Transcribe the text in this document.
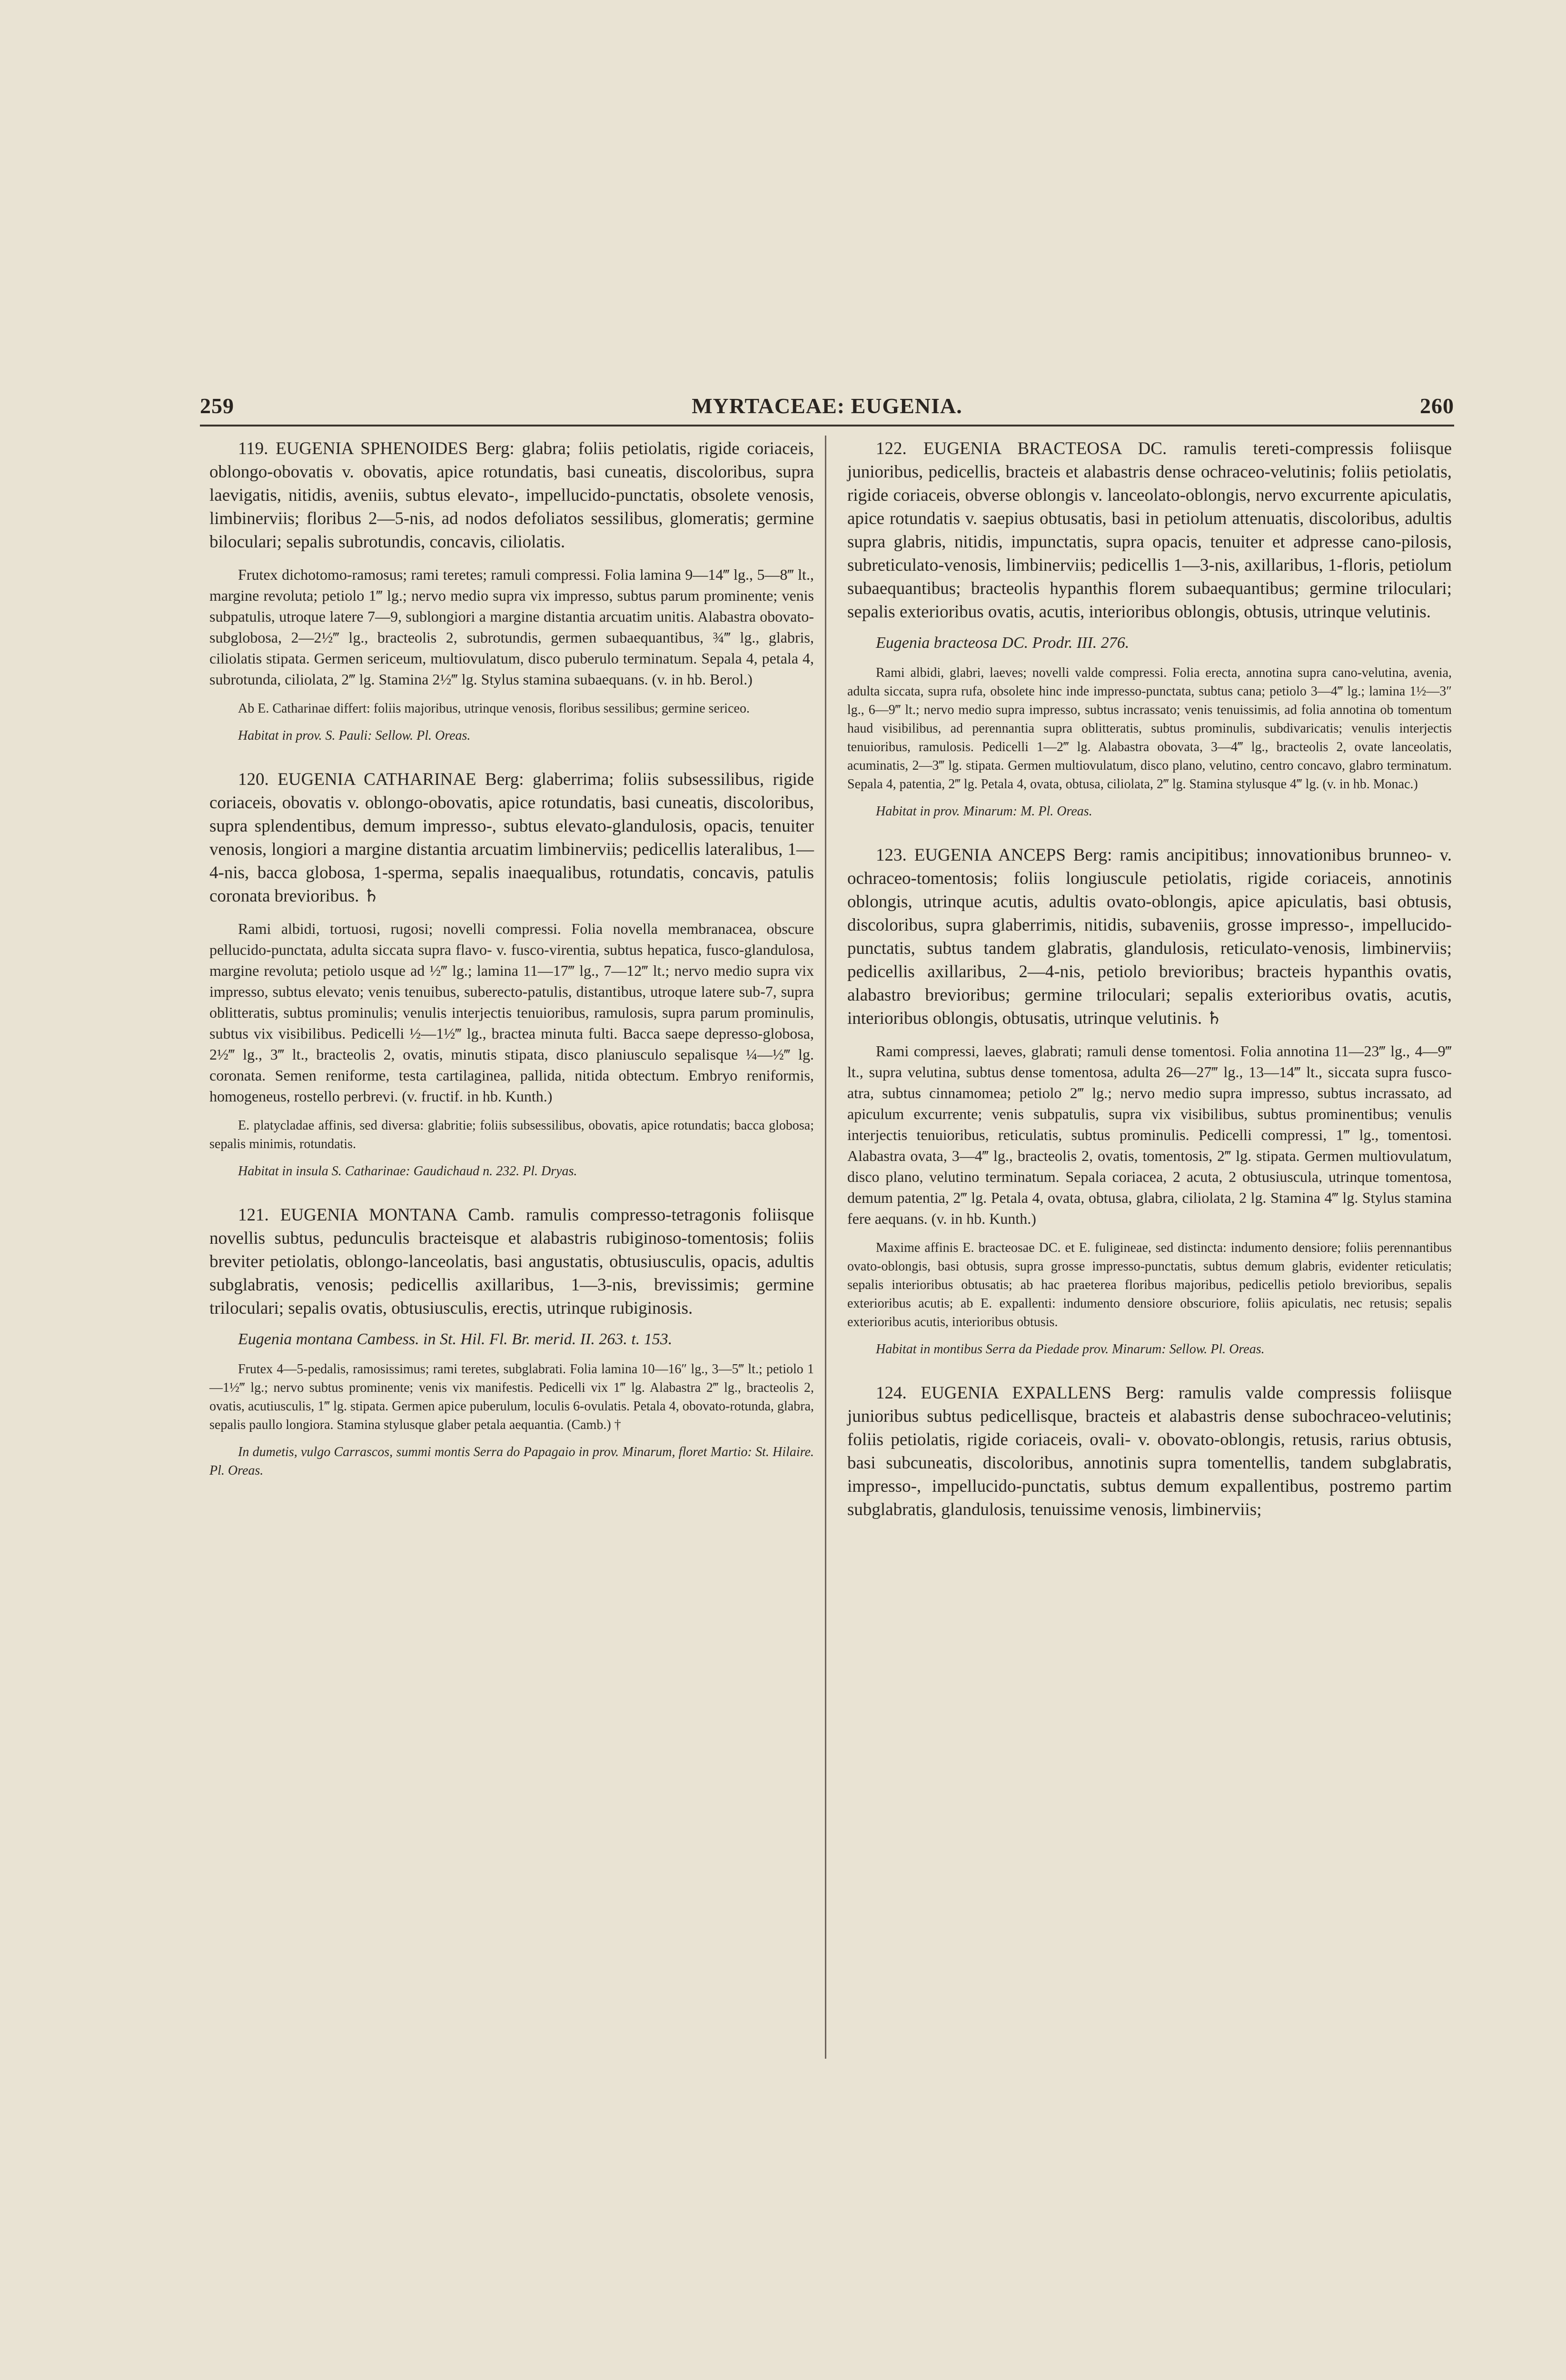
259	MYRTACEAE: EUGENIA.	260

119. EUGENIA SPHENOIDES Berg: glabra; foliis petiolatis, rigide coriaceis, oblongo-obovatis v. obovatis, apice rotundatis, basi cuneatis, discoloribus, supra laevigatis, nitidis, aveniis, subtus elevato-, impellucido-punctatis, obsolete venosis, limbinerviis; floribus 2—5-nis, ad nodos defoliatos sessilibus, glomeratis; germine biloculari; sepalis subrotundis, concavis, ciliolatis.

Frutex dichotomo-ramosus; rami teretes; ramuli compressi. Folia lamina 9—14‴ lg., 5—8‴ lt., margine revoluta; petiolo 1‴ lg.; nervo medio supra vix impresso, subtus parum prominente; venis subpatulis, utroque latere 7—9, sublongiori a margine distantia arcuatim unitis. Alabastra obovato-subglobosa, 2—2½‴ lg., bracteolis 2, subrotundis, germen subaequantibus, ¾‴ lg., glabris, ciliolatis stipata. Germen sericeum, multiovulatum, disco puberulo terminatum. Sepala 4, petala 4, subrotunda, ciliolata, 2‴ lg. Stamina 2½‴ lg. Stylus stamina subaequans. (v. in hb. Berol.)

Ab E. Catharinae differt: foliis majoribus, utrinque venosis, floribus sessilibus; germine sericeo.

Habitat in prov. S. Pauli: Sellow. Pl. Oreas.

120. EUGENIA CATHARINAE Berg: glaberrima; foliis subsessilibus, rigide coriaceis, obovatis v. oblongo-obovatis, apice rotundatis, basi cuneatis, discoloribus, supra splendentibus, demum impresso-, subtus elevato-glandulosis, opacis, tenuiter venosis, longiori a margine distantia arcuatim limbinerviis; pedicellis lateralibus, 1—4-nis, bacca globosa, 1-sperma, sepalis inaequalibus, rotundatis, concavis, patulis coronata brevioribus. ♄

Rami albidi, tortuosi, rugosi; novelli compressi. Folia novella membranacea, obscure pellucido-punctata, adulta siccata supra flavo- v. fusco-virentia, subtus hepatica, fusco-glandulosa, margine revoluta; petiolo usque ad ½‴ lg.; lamina 11—17‴ lg., 7—12‴ lt.; nervo medio supra vix impresso, subtus elevato; venis tenuibus, suberecto-patulis, distantibus, utroque latere sub-7, supra oblitteratis, subtus prominulis; venulis interjectis tenuioribus, ramulosis, supra parum prominulis, subtus vix visibilibus. Pedicelli ½—1½‴ lg., bractea minuta fulti. Bacca saepe depresso-globosa, 2½‴ lg., 3‴ lt., bracteolis 2, ovatis, minutis stipata, disco planiusculo sepalisque ¼—½‴ lg. coronata. Semen reniforme, testa cartilaginea, pallida, nitida obtectum. Embryo reniformis, homogeneus, rostello perbrevi. (v. fructif. in hb. Kunth.)

E. platycladae affinis, sed diversa: glabritie; foliis subsessilibus, obovatis, apice rotundatis; bacca globosa; sepalis minimis, rotundatis.

Habitat in insula S. Catharinae: Gaudichaud n. 232. Pl. Dryas.

121. EUGENIA MONTANA Camb. ramulis compresso-tetragonis foliisque novellis subtus, pedunculis bracteisque et alabastris rubiginoso-tomentosis; foliis breviter petiolatis, oblongo-lanceolatis, basi angustatis, obtusiusculis, opacis, adultis subglabratis, venosis; pedicellis axillaribus, 1—3-nis, brevissimis; germine triloculari; sepalis ovatis, obtusiusculis, erectis, utrinque rubiginosis.

Eugenia montana Cambess. in St. Hil. Fl. Br. merid. II. 263. t. 153.

Frutex 4—5-pedalis, ramosissimus; rami teretes, subglabrati. Folia lamina 10—16″ lg., 3—5‴ lt.; petiolo 1—1½‴ lg.; nervo subtus prominente; venis vix manifestis. Pedicelli vix 1‴ lg. Alabastra 2‴ lg., bracteolis 2, ovatis, acutiusculis, 1‴ lg. stipata. Germen apice puberulum, loculis 6-ovulatis. Petala 4, obovato-rotunda, glabra, sepalis paullo longiora. Stamina stylusque glaber petala aequantia. (Camb.) †

In dumetis, vulgo Carrascos, summi montis Serra do Papagaio in prov. Minarum, floret Martio: St. Hilaire. Pl. Oreas.

122. EUGENIA BRACTEOSA DC. ramulis tereti-compressis foliisque junioribus, pedicellis, bracteis et alabastris dense ochraceo-velutinis; foliis petiolatis, rigide coriaceis, obverse oblongis v. lanceolato-oblongis, nervo excurrente apiculatis, apice rotundatis v. saepius obtusatis, basi in petiolum attenuatis, discoloribus, adultis supra glabris, nitidis, impunctatis, supra opacis, tenuiter et adpresse cano-pilosis, subreticulato-venosis, limbinerviis; pedicellis 1—3-nis, axillaribus, 1-floris, petiolum subaequantibus; bracteolis hypanthis florem subaequantibus; germine triloculari; sepalis exterioribus ovatis, acutis, interioribus oblongis, obtusis, utrinque velutinis.

Eugenia bracteosa DC. Prodr. III. 276.

Rami albidi, glabri, laeves; novelli valde compressi. Folia erecta, annotina supra cano-velutina, avenia, adulta siccata, supra rufa, obsolete hinc inde impresso-punctata, subtus cana; petiolo 3—4‴ lg.; lamina 1½—3″ lg., 6—9‴ lt.; nervo medio supra impresso, subtus incrassato; venis tenuissimis, ad folia annotina ob tomentum haud visibilibus, ad perennantia supra oblitteratis, subtus prominulis, subdivaricatis; venulis interjectis tenuioribus, ramulosis. Pedicelli 1—2‴ lg. Alabastra obovata, 3—4‴ lg., bracteolis 2, ovate lanceolatis, acuminatis, 2—3‴ lg. stipata. Germen multiovulatum, disco plano, velutino, centro concavo, glabro terminatum. Sepala 4, patentia, 2‴ lg. Petala 4, ovata, obtusa, ciliolata, 2‴ lg. Stamina stylusque 4‴ lg. (v. in hb. Monac.)

Habitat in prov. Minarum: M. Pl. Oreas.

123. EUGENIA ANCEPS Berg: ramis ancipitibus; innovationibus brunneo- v. ochraceo-tomentosis; foliis longiuscule petiolatis, rigide coriaceis, annotinis oblongis, utrinque acutis, adultis ovato-oblongis, apice apiculatis, basi obtusis, discoloribus, supra glaberrimis, nitidis, subaveniis, grosse impresso-, impellucido-punctatis, subtus tandem glabratis, glandulosis, reticulato-venosis, limbinerviis; pedicellis axillaribus, 2—4-nis, petiolo brevioribus; bracteis hypanthis ovatis, alabastro brevioribus; germine triloculari; sepalis exterioribus ovatis, acutis, interioribus oblongis, obtusatis, utrinque velutinis. ♄

Rami compressi, laeves, glabrati; ramuli dense tomentosi. Folia annotina 11—23‴ lg., 4—9‴ lt., supra velutina, subtus dense tomentosa, adulta 26—27‴ lg., 13—14‴ lt., siccata supra fusco-atra, subtus cinnamomea; petiolo 2‴ lg.; nervo medio supra impresso, subtus incrassato, ad apiculum excurrente; venis subpatulis, supra vix visibilibus, subtus prominentibus; venulis interjectis tenuioribus, reticulatis, subtus prominulis. Pedicelli compressi, 1‴ lg., tomentosi. Alabastra ovata, 3—4‴ lg., bracteolis 2, ovatis, tomentosis, 2‴ lg. stipata. Germen multiovulatum, disco plano, velutino terminatum. Sepala coriacea, 2 acuta, 2 obtusiuscula, utrinque tomentosa, demum patentia, 2‴ lg. Petala 4, ovata, obtusa, glabra, ciliolata, 2 lg. Stamina 4‴ lg. Stylus stamina fere aequans. (v. in hb. Kunth.)

Maxime affinis E. bracteosae DC. et E. fuligineae, sed distincta: indumento densiore; foliis perennantibus ovato-oblongis, basi obtusis, supra grosse impresso-punctatis, subtus demum glabris, evidenter reticulatis; sepalis interioribus obtusatis; ab hac praeterea floribus majoribus, pedicellis petiolo brevioribus, sepalis exterioribus acutis; ab E. expallenti: indumento densiore obscuriore, foliis apiculatis, nec retusis; sepalis exterioribus acutis, interioribus obtusis.

Habitat in montibus Serra da Piedade prov. Minarum: Sellow. Pl. Oreas.

124. EUGENIA EXPALLENS Berg: ramulis valde compressis foliisque junioribus subtus pedicellisque, bracteis et alabastris dense subochraceo-velutinis; foliis petiolatis, rigide coriaceis, ovali- v. obovato-oblongis, retusis, rarius obtusis, basi subcuneatis, discoloribus, annotinis supra tomentellis, tandem subglabratis, impresso-, impellucido-punctatis, subtus demum expallentibus, postremo partim subglabratis, glandulosis, tenuissime venosis, limbinerviis;
